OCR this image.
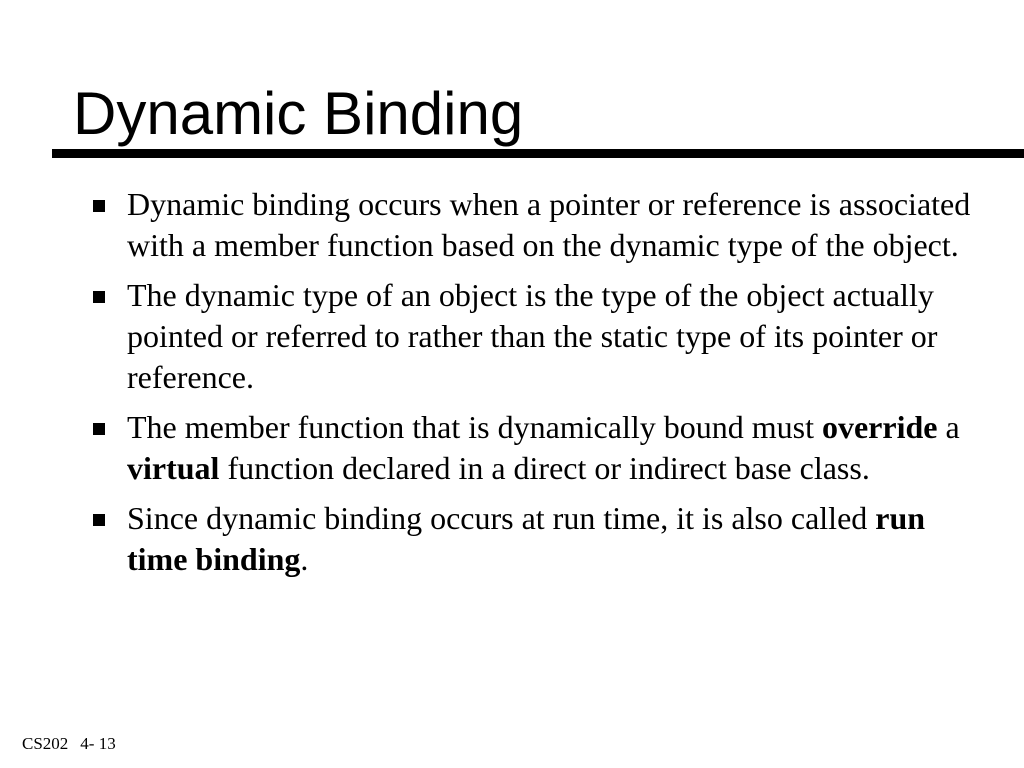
Dynamic Binding
Dynamic binding occurs when a pointer or reference is associated with a member function based on the dynamic type of the object.
The dynamic type of an object is the type of the object actually pointed or referred to rather than the static type of its pointer or reference.
The member function that is dynamically bound must override a virtual function declared in a direct or indirect base class.
Since dynamic binding occurs at run time, it is also called run time binding.
CS202 4- 13
